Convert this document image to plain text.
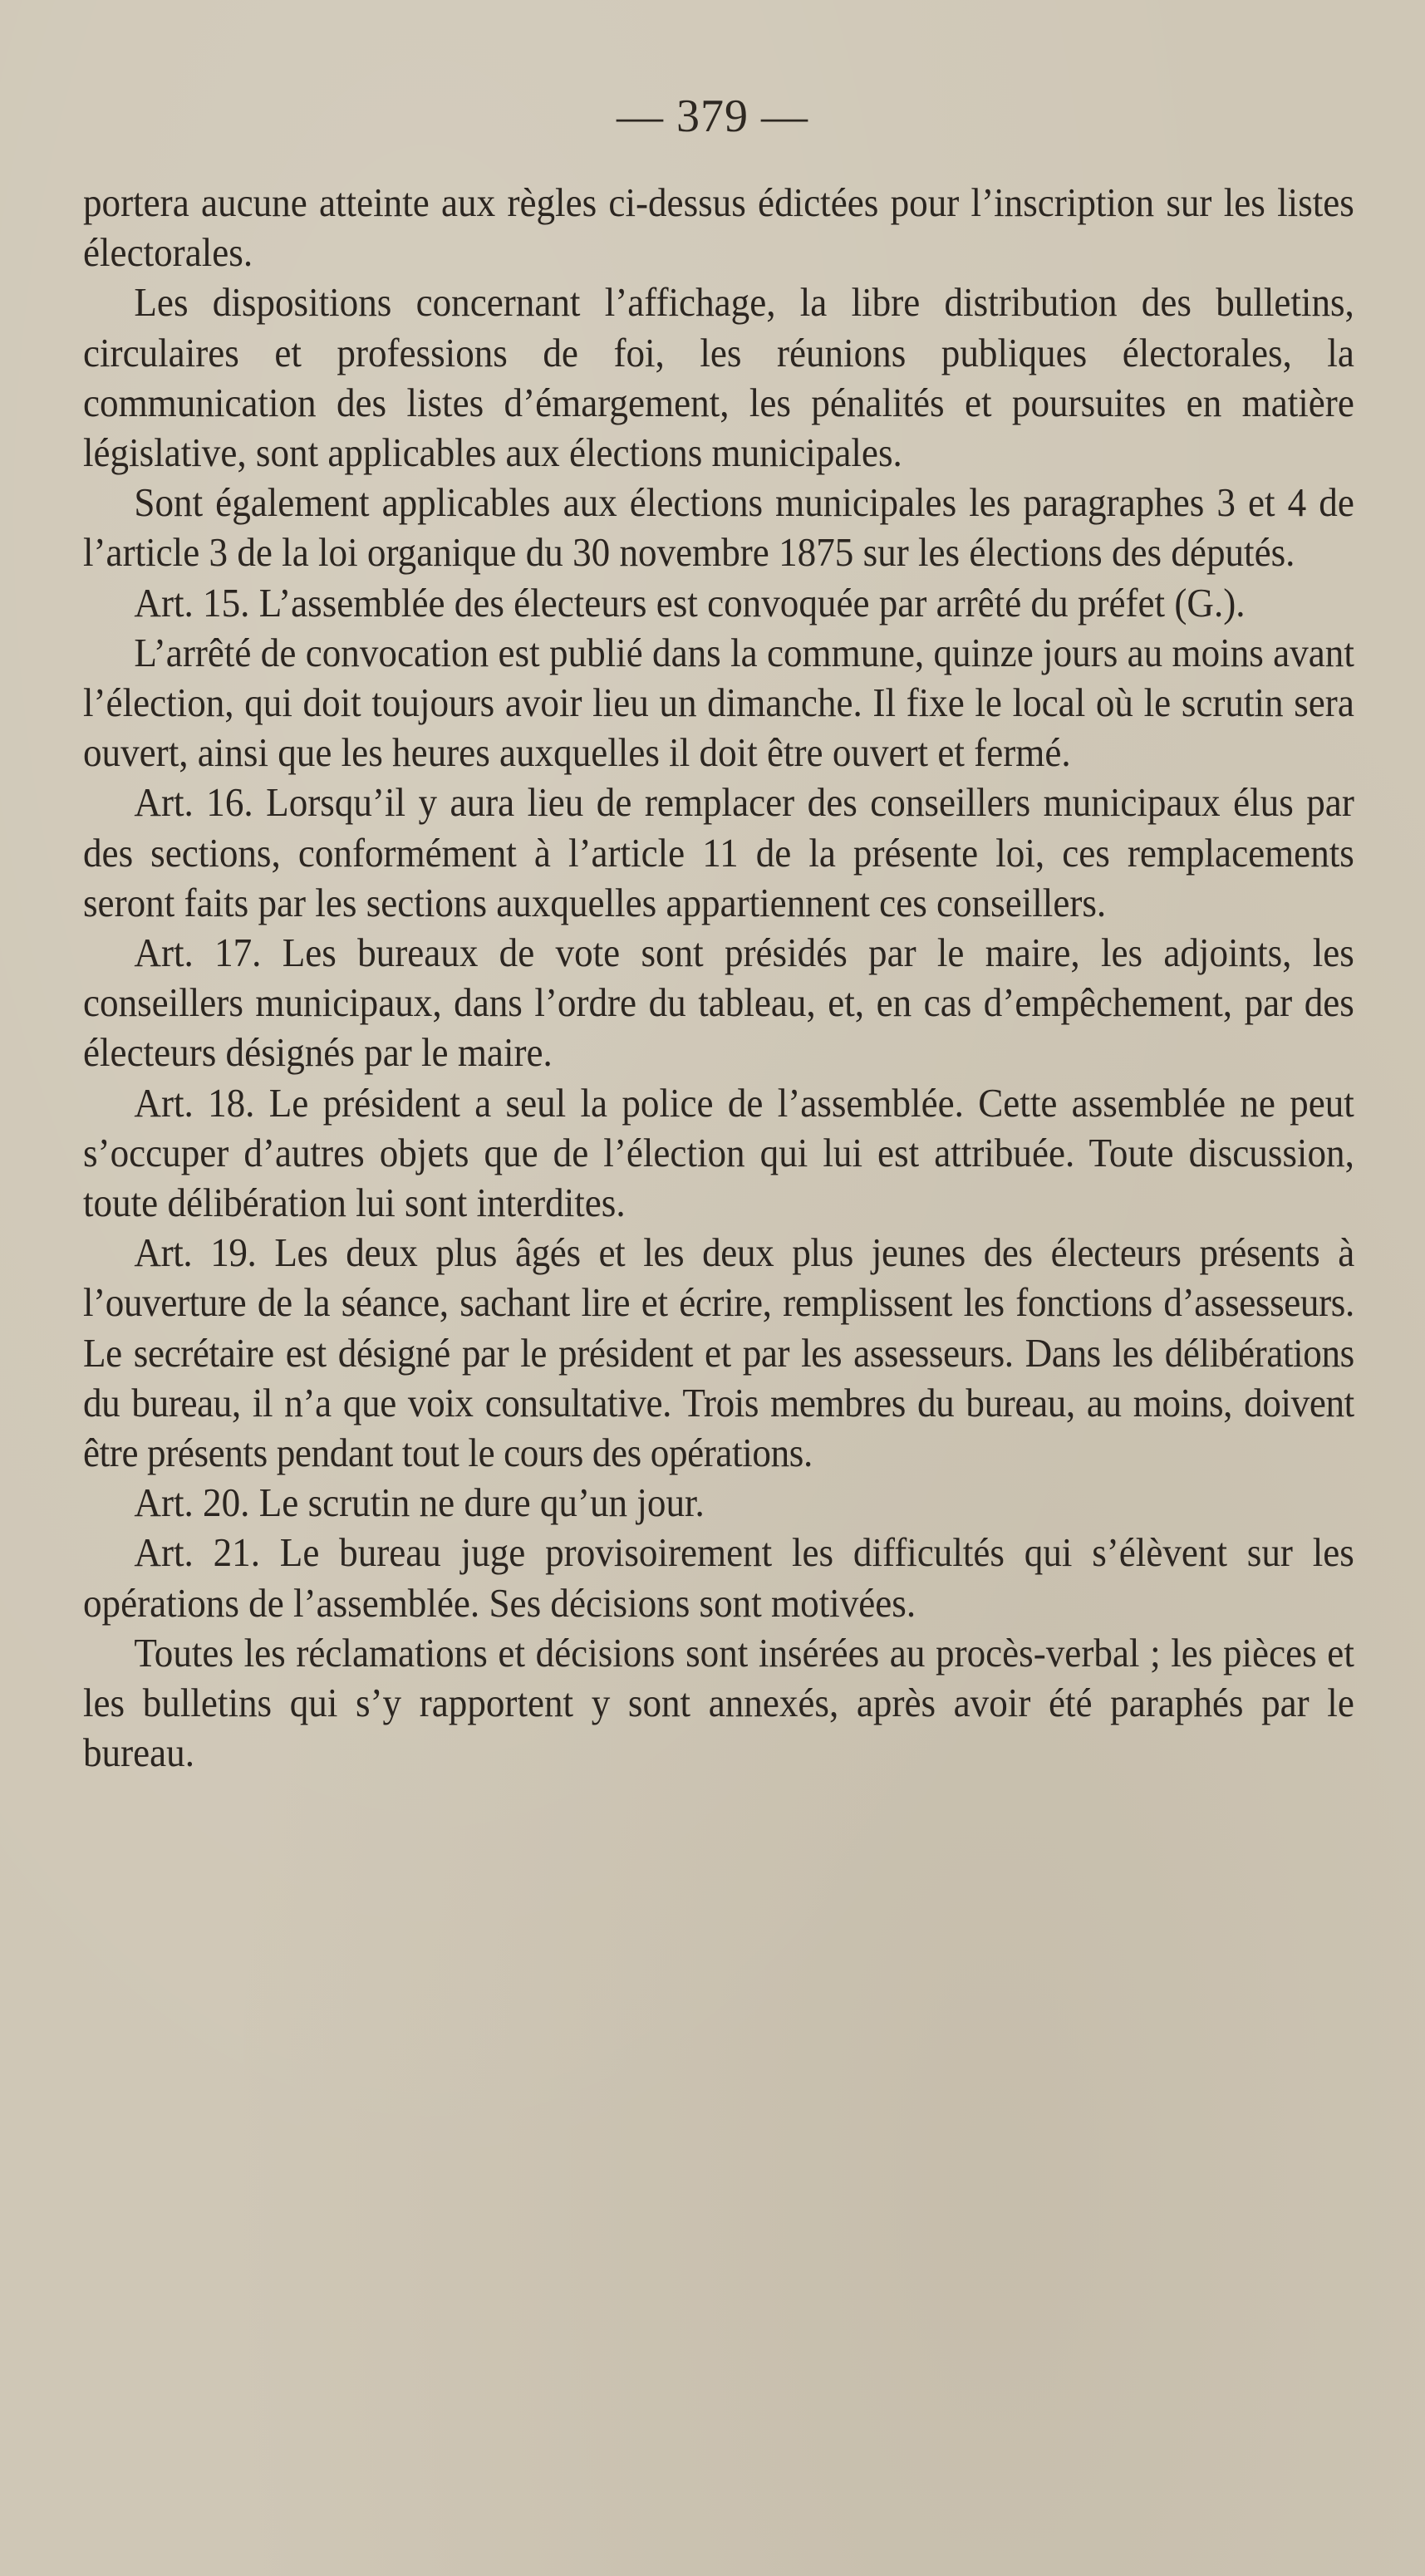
— 379 —

portera aucune atteinte aux règles ci-dessus édictées pour l’inscription sur les listes électorales.

Les dispositions concernant l’affichage, la libre distribution des bulletins, circulaires et professions de foi, les réunions publiques électorales, la communication des listes d’émargement, les pénalités et poursuites en matière législative, sont applicables aux élections municipales.

Sont également applicables aux élections municipales les paragraphes 3 et 4 de l’article 3 de la loi organique du 30 novembre 1875 sur les élections des députés.

Art. 15. L’assemblée des électeurs est convoquée par arrêté du préfet (G.).

L’arrêté de convocation est publié dans la commune, quinze jours au moins avant l’élection, qui doit toujours avoir lieu un dimanche. Il fixe le local où le scrutin sera ouvert, ainsi que les heures auxquelles il doit être ouvert et fermé.

Art. 16. Lorsqu’il y aura lieu de remplacer des conseillers municipaux élus par des sections, conformément à l’article 11 de la présente loi, ces remplacements seront faits par les sections auxquelles appartiennent ces conseillers.

Art. 17. Les bureaux de vote sont présidés par le maire, les adjoints, les conseillers municipaux, dans l’ordre du tableau, et, en cas d’empêchement, par des électeurs désignés par le maire.

Art. 18. Le président a seul la police de l’assemblée. Cette assemblée ne peut s’occuper d’autres objets que de l’élection qui lui est attribuée. Toute discussion, toute délibération lui sont interdites.

Art. 19. Les deux plus âgés et les deux plus jeunes des électeurs présents à l’ouverture de la séance, sachant lire et écrire, remplissent les fonctions d’assesseurs. Le secrétaire est désigné par le président et par les assesseurs. Dans les délibérations du bureau, il n’a que voix consultative. Trois membres du bureau, au moins, doivent être présents pendant tout le cours des opérations.

Art. 20. Le scrutin ne dure qu’un jour.

Art. 21. Le bureau juge provisoirement les difficultés qui s’élèvent sur les opérations de l’assemblée. Ses décisions sont motivées.

Toutes les réclamations et décisions sont insérées au procès-verbal ; les pièces et les bulletins qui s’y rapportent y sont annexés, après avoir été paraphés par le bureau.
